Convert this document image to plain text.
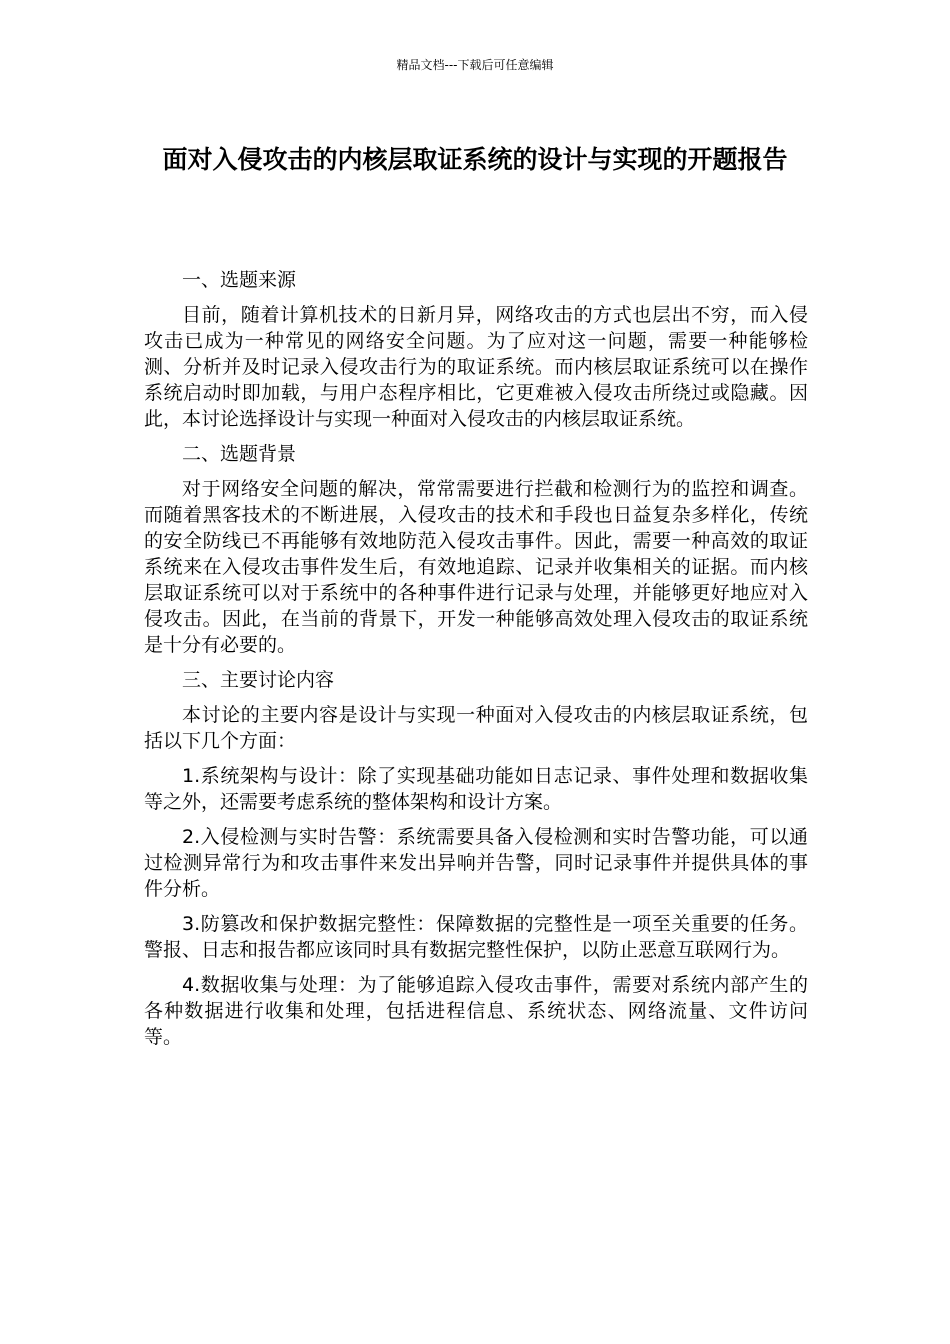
精品文档---下载后可任意编辑
面对入侵攻击的内核层取证系统的设计与实现的开题报告
一、选题来源

目前，随着计算机技术的日新月异，网络攻击的方式也层出不穷，而入侵攻击已成为一种常见的网络安全问题。为了应对这一问题，需要一种能够检测、分析并及时记录入侵攻击行为的取证系统。而内核层取证系统可以在操作系统启动时即加载，与用户态程序相比，它更难被入侵攻击所绕过或隐藏。因此，本讨论选择设计与实现一种面对入侵攻击的内核层取证系统。

二、选题背景

对于网络安全问题的解决，常常需要进行拦截和检测行为的监控和调查。而随着黑客技术的不断进展，入侵攻击的技术和手段也日益复杂多样化，传统的安全防线已不再能够有效地防范入侵攻击事件。因此，需要一种高效的取证系统来在入侵攻击事件发生后，有效地追踪、记录并收集相关的证据。而内核层取证系统可以对于系统中的各种事件进行记录与处理，并能够更好地应对入侵攻击。因此，在当前的背景下，开发一种能够高效处理入侵攻击的取证系统是十分有必要的。

三、主要讨论内容

本讨论的主要内容是设计与实现一种面对入侵攻击的内核层取证系统，包括以下几个方面：

1.系统架构与设计：除了实现基础功能如日志记录、事件处理和数据收集等之外，还需要考虑系统的整体架构和设计方案。

2.入侵检测与实时告警：系统需要具备入侵检测和实时告警功能，可以通过检测异常行为和攻击事件来发出异响并告警，同时记录事件并提供具体的事件分析。

3.防篡改和保护数据完整性：保障数据的完整性是一项至关重要的任务。警报、日志和报告都应该同时具有数据完整性保护，以防止恶意互联网行为。

4.数据收集与处理：为了能够追踪入侵攻击事件，需要对系统内部产生的各种数据进行收集和处理，包括进程信息、系统状态、网络流量、文件访问等。
